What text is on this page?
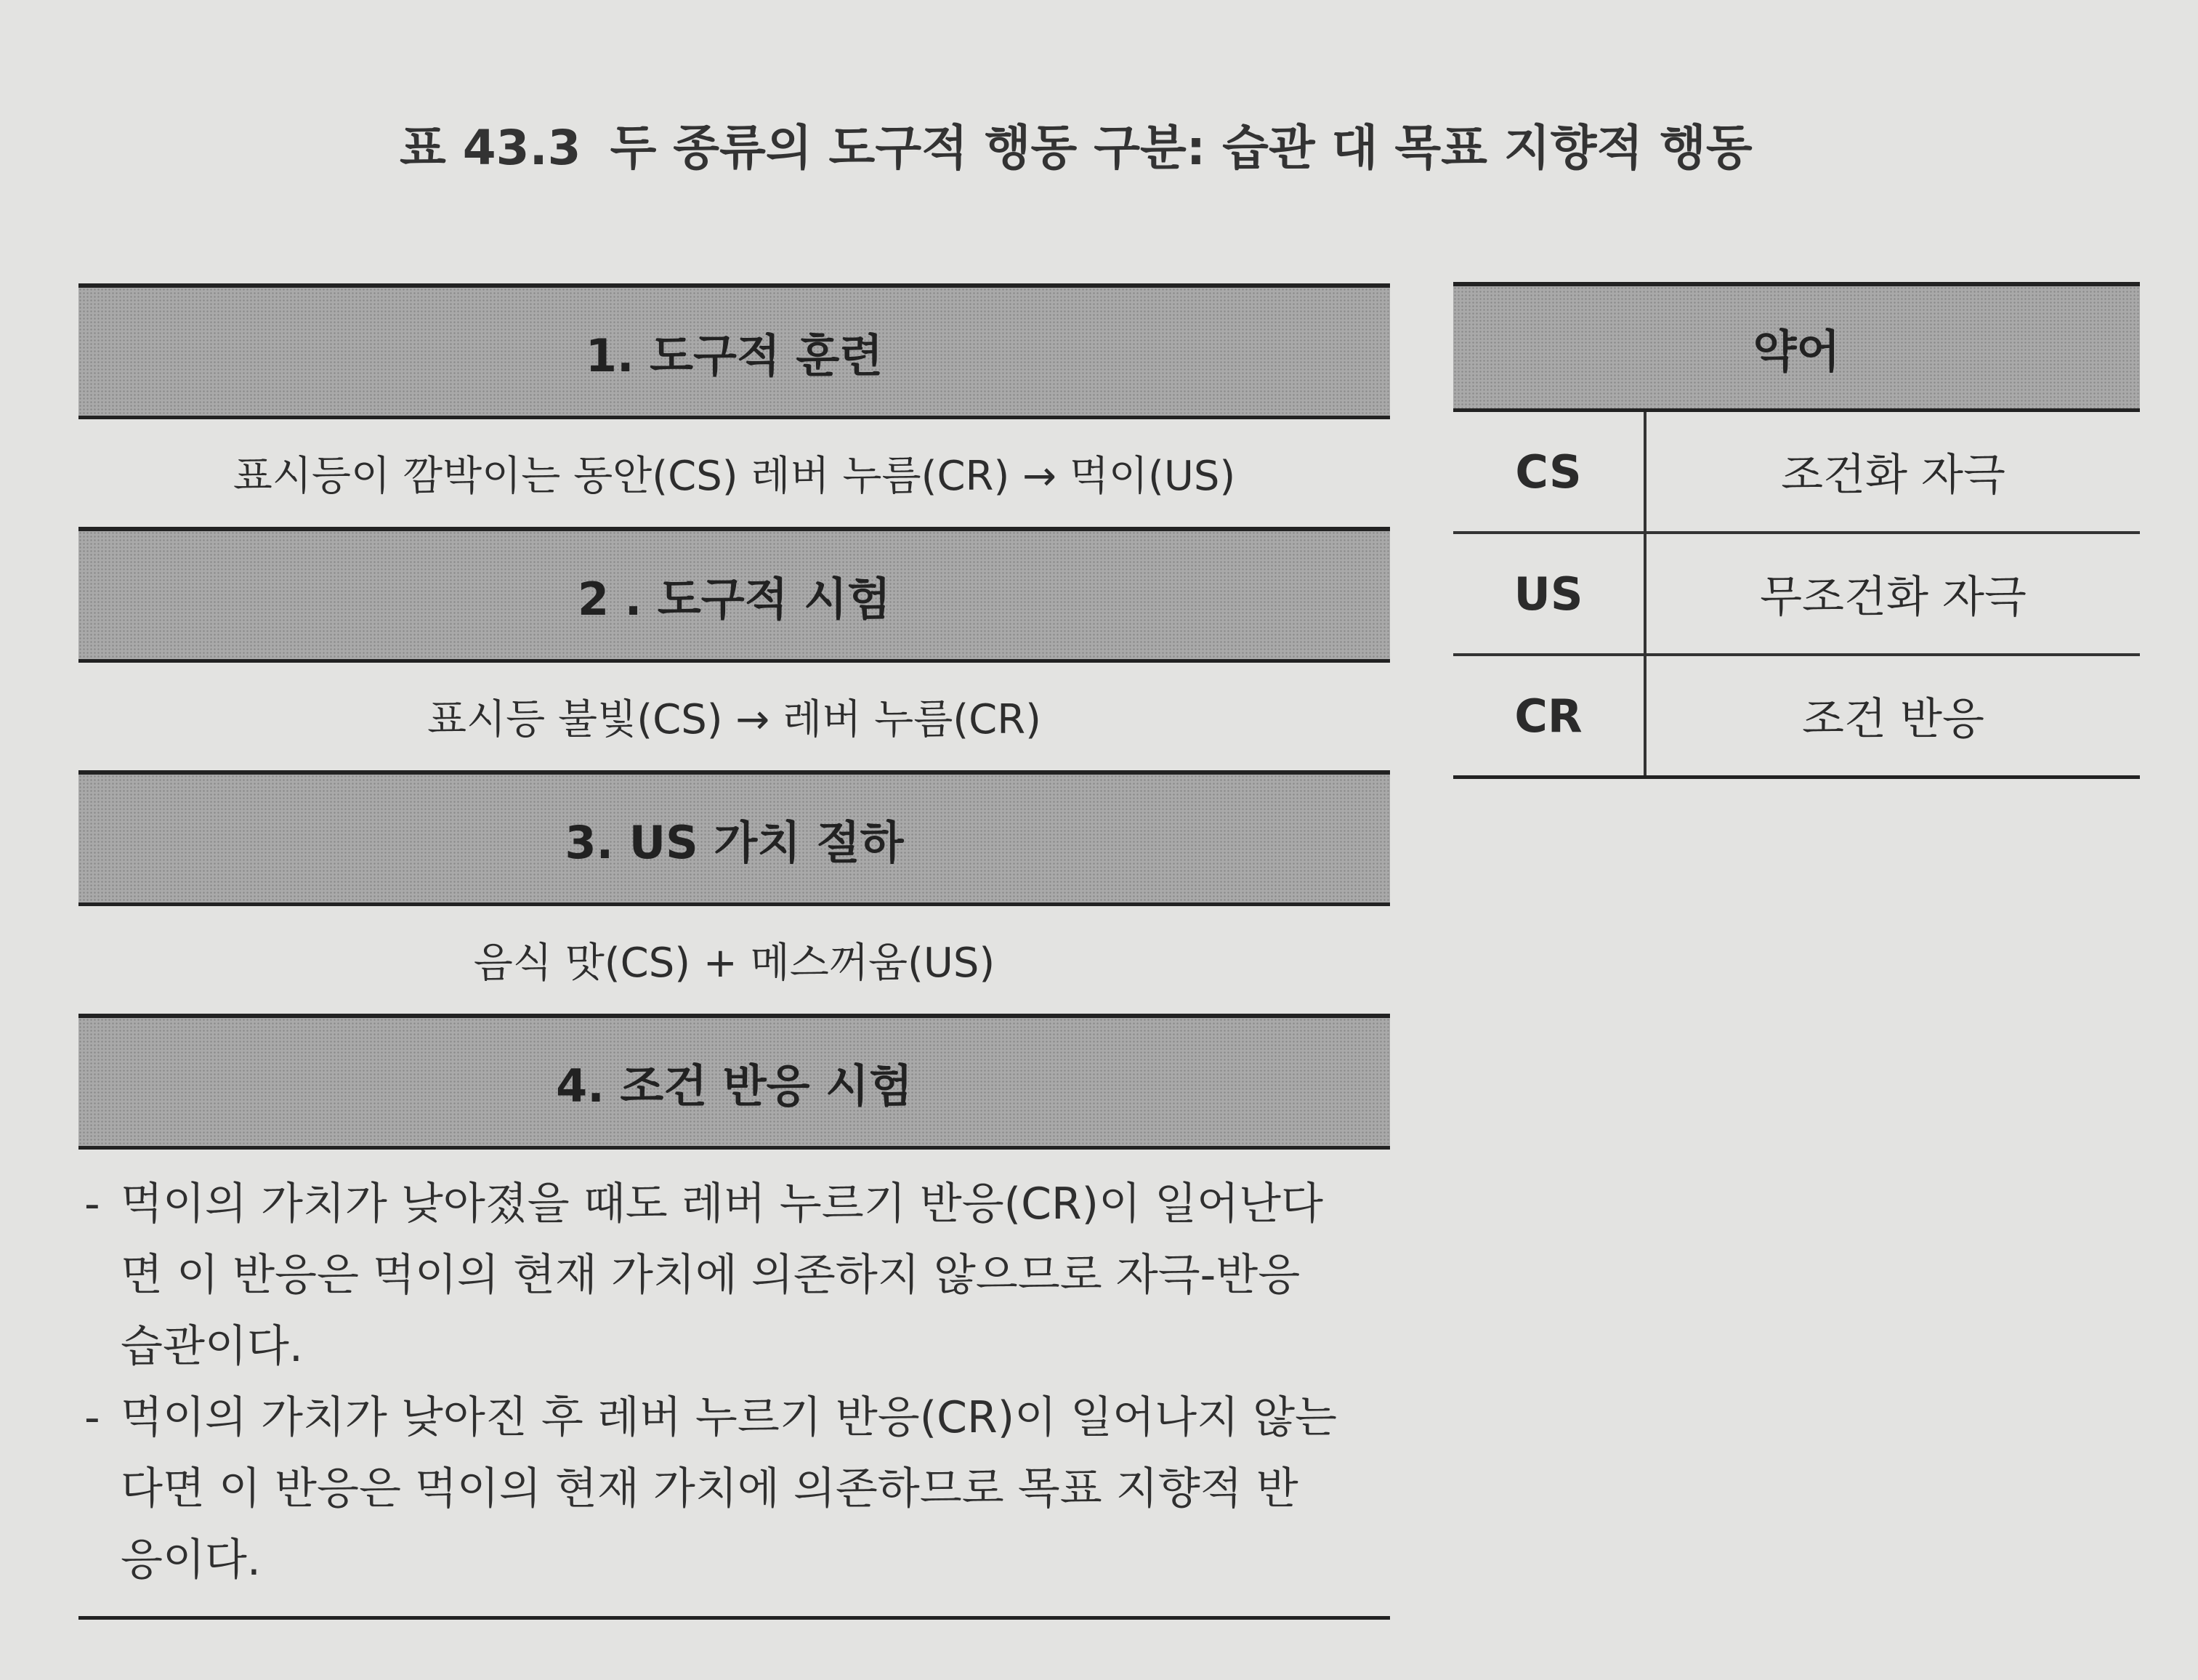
표 43.3 두 종류의 도구적 행동 구분: 습관 대 목표 지향적 행동
1. 도구적 훈련
표시등이 깜박이는 동안(CS) 레버 누름(CR) → 먹이(US)
2 . 도구적 시험
표시등 불빛(CS) → 레버 누름(CR)
3. US 가치 절하
음식 맛(CS) + 메스꺼움(US)
4. 조건 반응 시험
- 먹이의 가치가 낮아졌을 때도 레버 누르기 반응(CR)이 일어난다
면 이 반응은 먹이의 현재 가치에 의존하지 않으므로 자극-반응
습관이다.
- 먹이의 가치가 낮아진 후 레버 누르기 반응(CR)이 일어나지 않는
다면 이 반응은 먹이의 현재 가치에 의존하므로 목표 지향적 반
응이다.
약어
CS	조건화 자극
US	무조건화 자극
CR	조건 반응
